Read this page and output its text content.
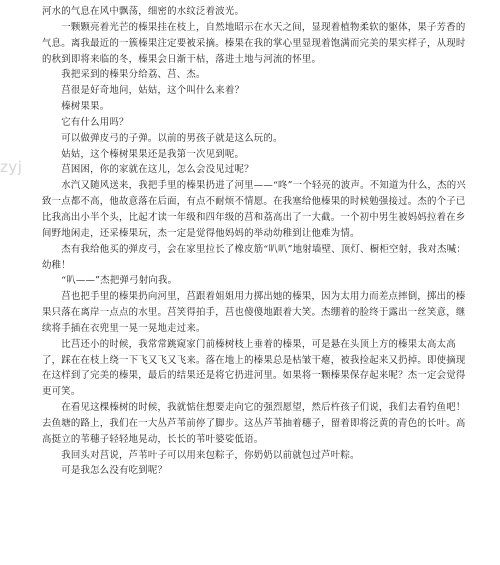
zyj

河水的气息在风中飘荡，细密的水纹泛着波光。

　　一颗颗亮着光芒的榛果挂在枝上，自然地昭示在水天之间，显现着植物柔软的躯体，果子芳香的气息。离我最近的一簇榛果注定要被采摘。榛果在我的掌心里显现着饱满而完美的果实样子，从现时的秋到即将来临的冬，榛果会日渐干枯，落进土地与河流的怀里。

　　我把采到的榛果分给荔、莒、杰。

　　莒很是好奇地问，姑姑，这个叫什么来着？

　　榛树果果。

　　它有什么用吗？

　　可以做弹皮弓的子弹。以前的男孩子就是这么玩的。

　　姑姑，这个榛树果果还是我第一次见到呢。

　　莒困困，你的家就在这儿，怎么会没见过呢？

　　水汽又随风送来，我把手里的榛果扔进了河里——“咚”一个轻亮的波声。不知道为什么，杰的兴致一点都不高，他故意落在后面，有点不耐烦不情愿。在我塞给他榛果的时候勉强接过。杰的个子已比我高出小半个头，比起才读一年级和四年级的莒和荔高出了一大截。一个初中男生被妈妈拉着在乡间野地闲走，还采榛果玩，杰一定是觉得他妈妈的举动幼稚到让他难为情。

　　杰有我给他买的弹皮弓，会在家里拉长了橡皮筋“叭叭”地射墙壁、顶灯、橱柜空射，我对杰喊：幼稚！

　　“叭——”杰把弹弓射向我。

　　莒也把手里的榛果扔向河里，莒跟着姐姐用力掷出她的榛果，因为太用力而差点摔倒，掷出的榛果只落在离岸一点点的水里。莒笑得拍手，莒也傻傻地跟着大笑。杰绷着的脸终于露出一丝笑意，继续将手插在衣兜里一晃一晃地走过来。

　　比莒还小的时候，我常常跳窥家门前榛树枝上垂着的榛果，可是悬在头顶上方的榛果太高太高了，踩在在枝上绕一下飞又飞又飞来。落在地上的榛果总是枯皱干瘪，被我捡起来又扔掉。即使摘现在这样到了完美的榛果，最后的结果还是将它扔进河里。如果将一颗榛果保存起来呢？杰一定会觉得更可笑。

　　在看见这棵榛树的时候，我就惦住想要走向它的强烈愿望，然后杵孩子们说，我们去看钓鱼吧！去鱼塘的路上，我们在一大丛芦苇前停了脚步。这丛芦苇抽着穗子，留着即将泛黄的青色的长叶。高高挺立的苇穗子轻轻地晃动，长长的苇叶婆娑低语。

　　我回头对莒说，芦苇叶子可以用来包粽子，你奶奶以前就包过芦叶粽。

　　可是我怎么没有吃到呢？
